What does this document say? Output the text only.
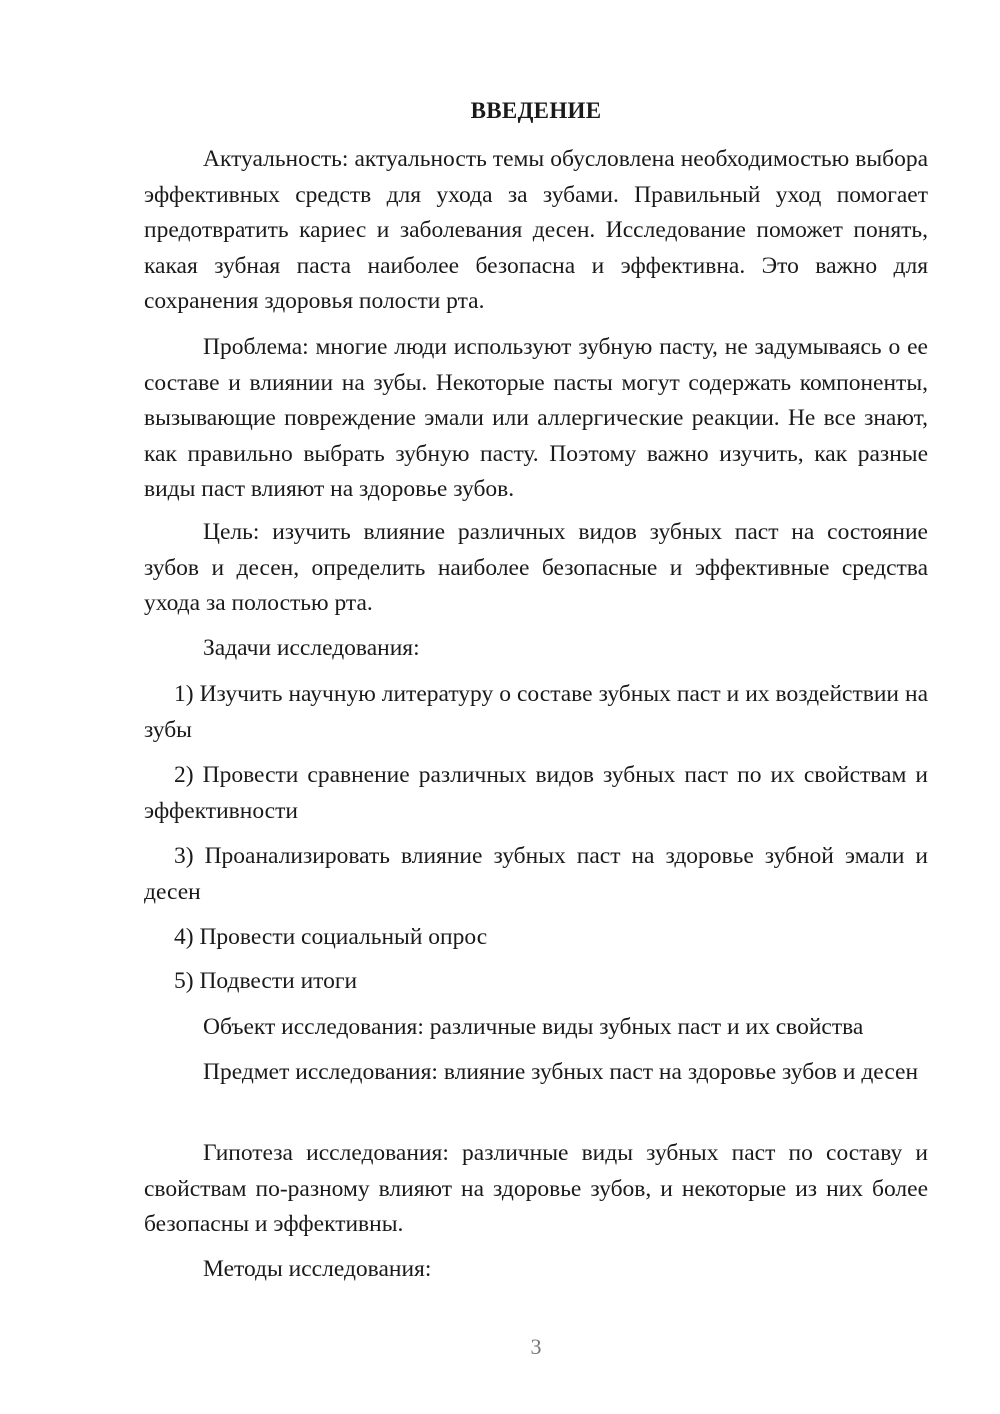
ВВЕДЕНИЕ

Актуальность: актуальность темы обусловлена необходимостью выбора эффективных средств для ухода за зубами. Правильный уход помогает предотвратить кариес и заболевания десен. Исследование поможет понять, какая зубная паста наиболее безопасна и эффективна. Это важно для сохранения здоровья полости рта.

Проблема: многие люди используют зубную пасту, не задумываясь о ее составе и влиянии на зубы. Некоторые пасты могут содержать компоненты, вызывающие повреждение эмали или аллергические реакции. Не все знают, как правильно выбрать зубную пасту. Поэтому важно изучить, как разные виды паст влияют на здоровье зубов.

Цель: изучить влияние различных видов зубных паст на состояние зубов и десен, определить наиболее безопасные и эффективные средства ухода за полостью рта.

Задачи исследования:

1) Изучить научную литературу о составе зубных паст и их воздействии на зубы

2) Провести сравнение различных видов зубных паст по их свойствам и эффективности

3) Проанализировать влияние зубных паст на здоровье зубной эмали и десен

4) Провести социальный опрос

5) Подвести итоги

Объект исследования: различные виды зубных паст и их свойства

Предмет исследования: влияние зубных паст на здоровье зубов и десен

Гипотеза исследования: различные виды зубных паст по составу и свойствам по-разному влияют на здоровье зубов, и некоторые из них более безопасны и эффективны.

Методы исследования:

3
